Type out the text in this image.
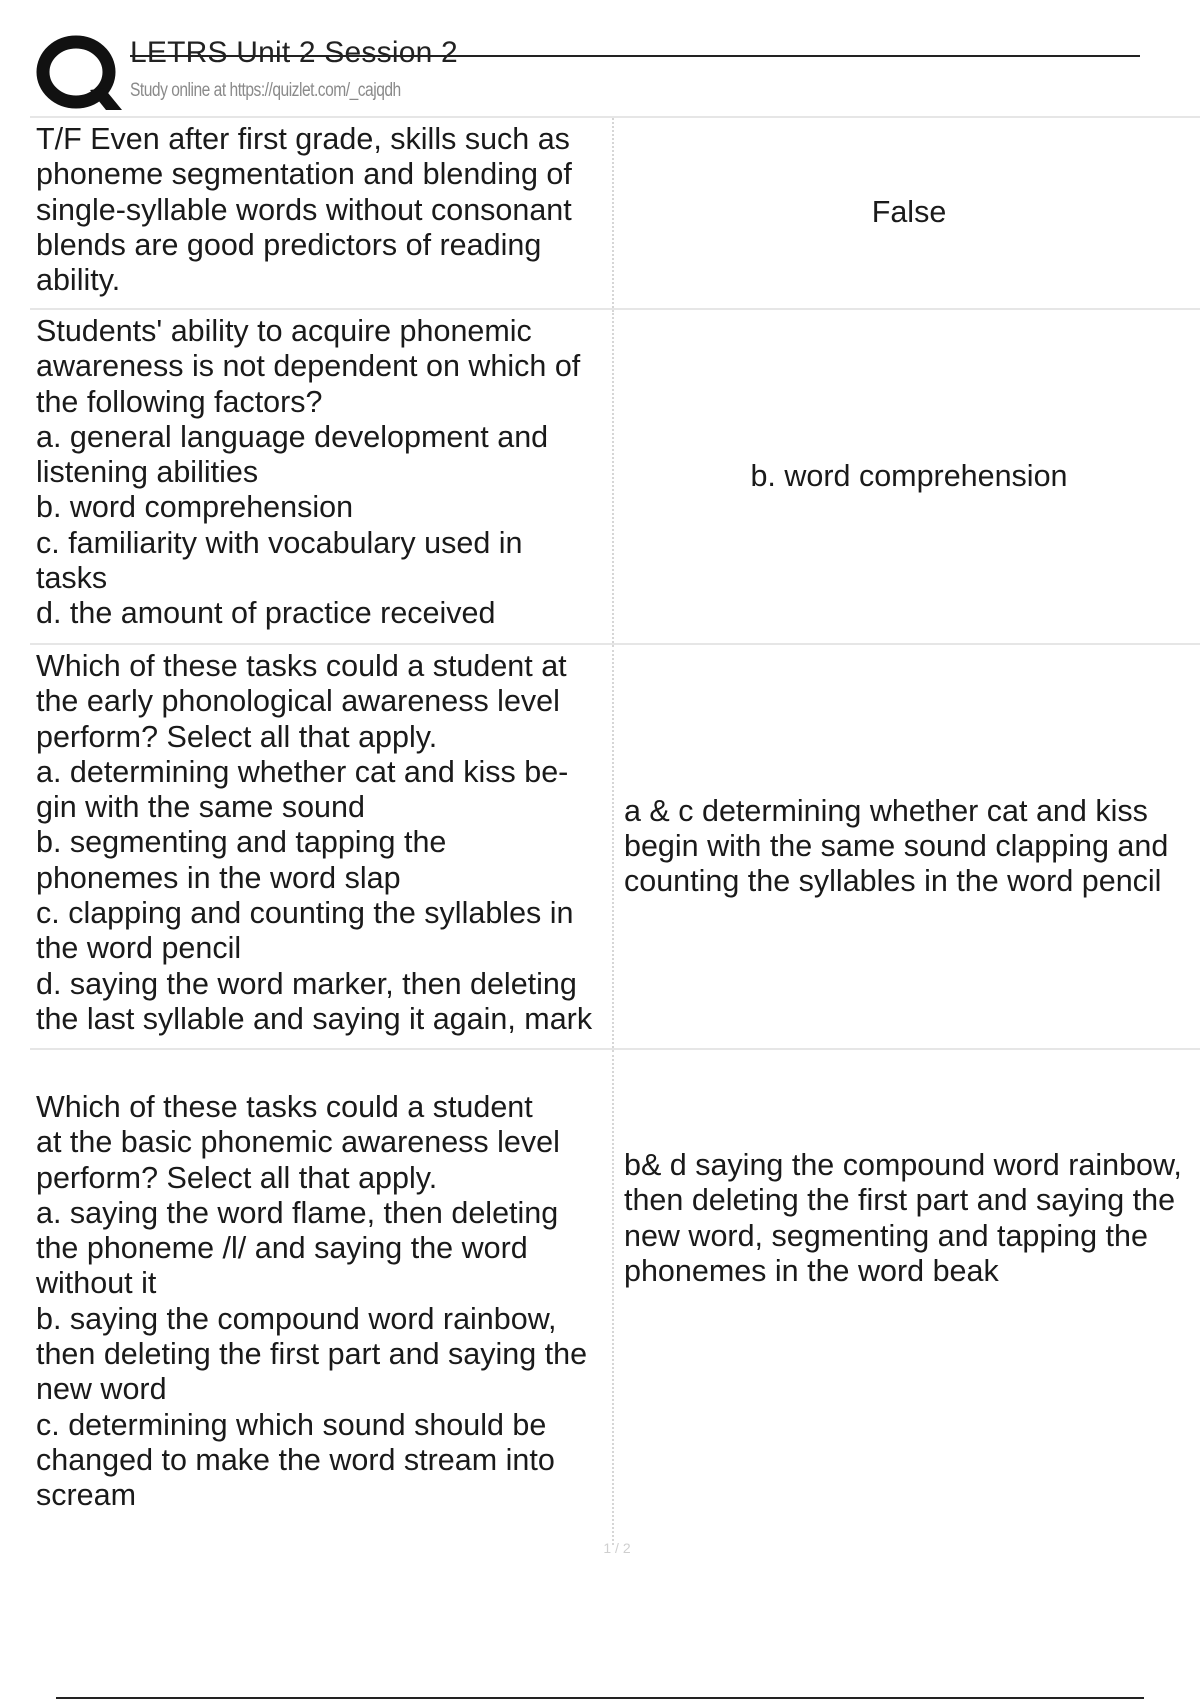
LETRS Unit 2 Session 2
Study online at https://quizlet.com/_cajqdh
T/F Even after first grade, skills such as
phoneme segmentation and blending of
single-syllable words without consonant
blends are good predictors of reading
ability.
False
Students' ability to acquire phonemic
awareness is not dependent on which of
the following factors?
a. general language development and
listening abilities
b. word comprehension
c. familiarity with vocabulary used in
tasks
d. the amount of practice received
b. word comprehension
Which of these tasks could a student at
the early phonological awareness level
perform? Select all that apply.
a. determining whether cat and kiss be-
gin with the same sound
b. segmenting and tapping the
phonemes in the word slap
c. clapping and counting the syllables in
the word pencil
d. saying the word marker, then deleting
the last syllable and saying it again, mark
a & c determining whether cat and kiss
begin with the same sound clapping and
counting the syllables in the word pencil
Which of these tasks could a student
at the basic phonemic awareness level
perform? Select all that apply.
a. saying the word flame, then deleting
the phoneme /l/ and saying the word
without it
b. saying the compound word rainbow,
then deleting the first part and saying the
new word
c. determining which sound should be
changed to make the word stream into
scream
b& d saying the compound word rainbow,
then deleting the first part and saying the
new word, segmenting and tapping the
phonemes in the word beak
1 / 2
